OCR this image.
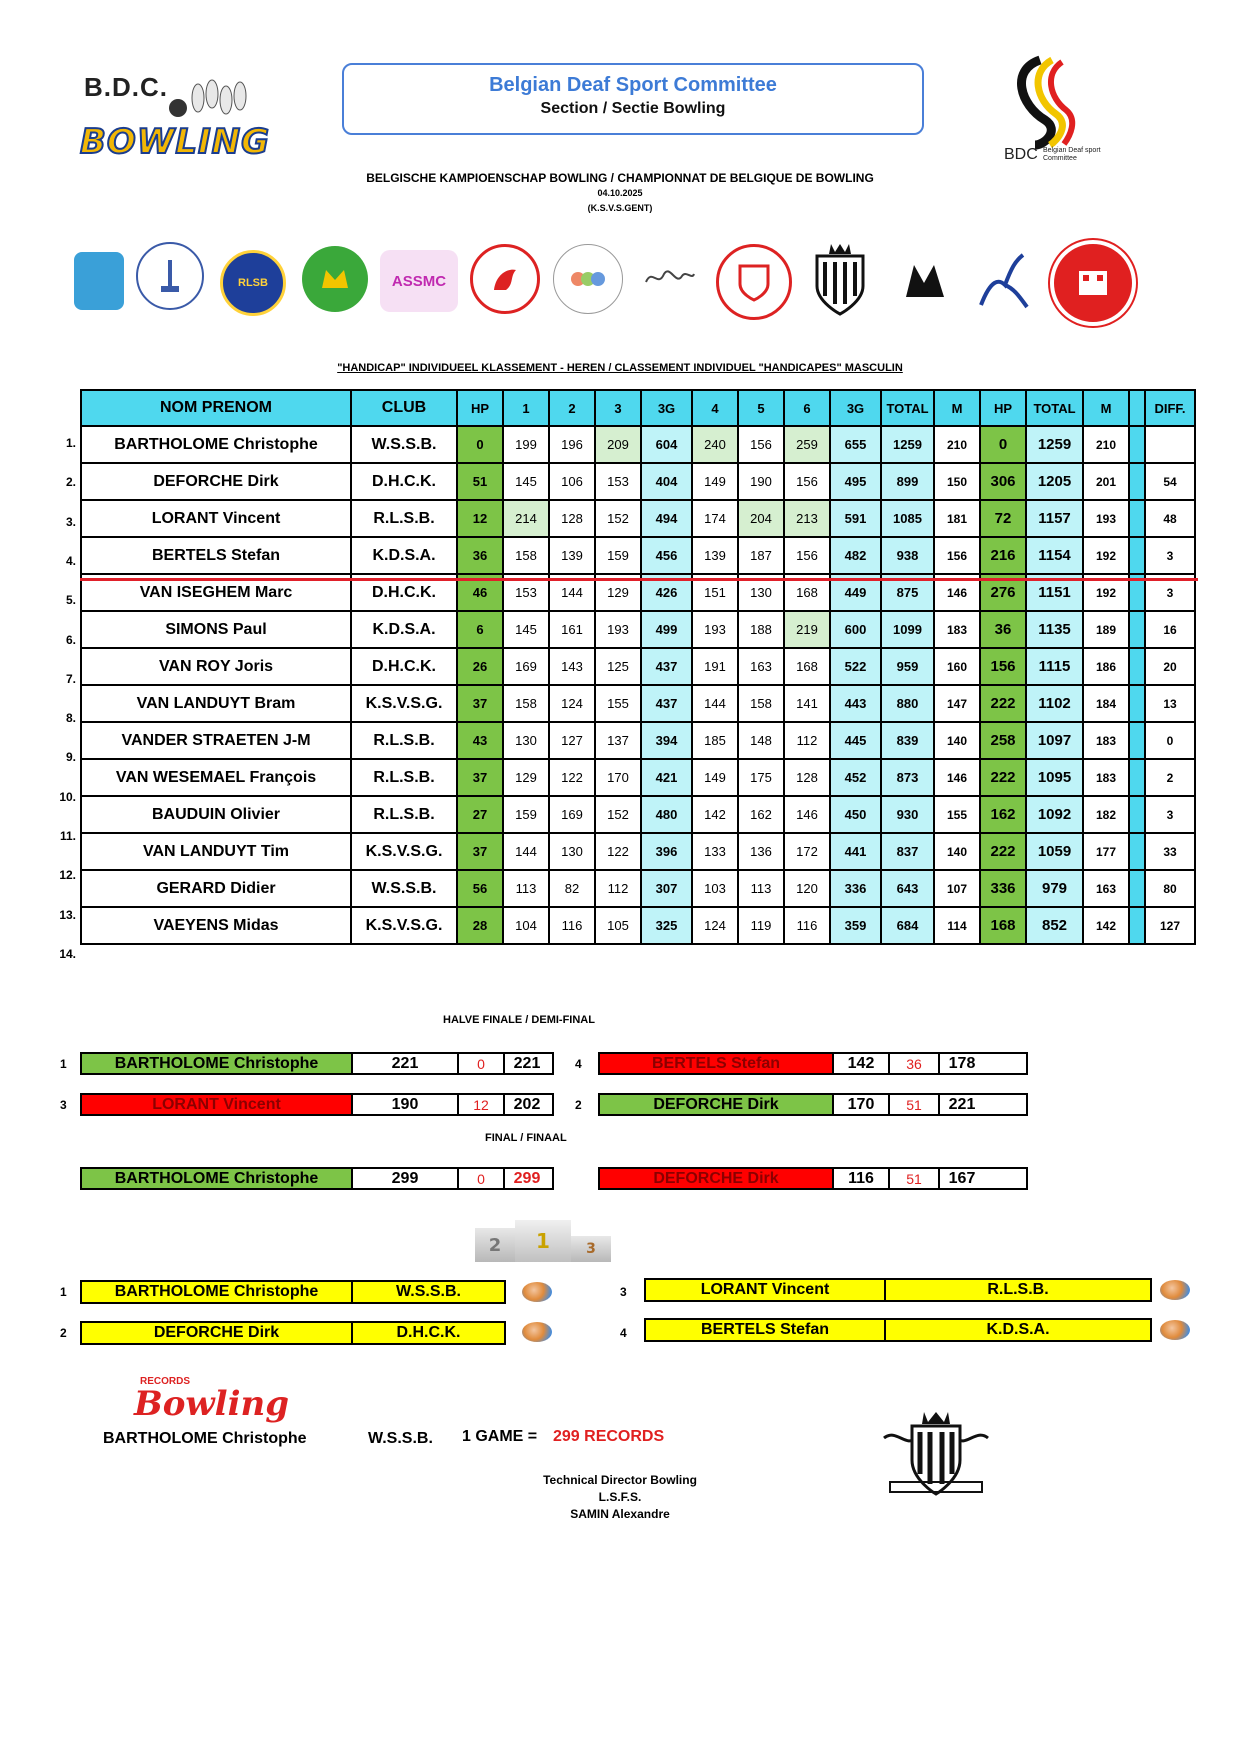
B.D.C.
BOWLING
Belgian Deaf Sport Committee
Section / Sectie Bowling
BDC Belgian Deaf sport Committee
BELGISCHE KAMPIOENSCHAP BOWLING / CHAMPIONNAT DE BELGIQUE DE BOWLING
04.10.2025
(K.S.V.S.GENT)
RLSB	ASSMC
"HANDICAP" INDIVIDUEEL KLASSEMENT - HEREN / CLASSEMENT INDIVIDUEL "HANDICAPES" MASCULIN
NOM PRENOM	CLUB	HP	1	2	3	3G	4	5	6	3G	TOTAL	M	HP	TOTAL	M		DIFF.
BARTHOLOME Christophe	W.S.S.B.	0	199	196	209	604	240	156	259	655	1259	210	0	1259	210		
DEFORCHE Dirk	D.H.C.K.	51	145	106	153	404	149	190	156	495	899	150	306	1205	201		54
LORANT Vincent	R.L.S.B.	12	214	128	152	494	174	204	213	591	1085	181	72	1157	193		48
BERTELS Stefan	K.D.S.A.	36	158	139	159	456	139	187	156	482	938	156	216	1154	192		3
VAN ISEGHEM Marc	D.H.C.K.	46	153	144	129	426	151	130	168	449	875	146	276	1151	192		3
SIMONS Paul	K.D.S.A.	6	145	161	193	499	193	188	219	600	1099	183	36	1135	189		16
VAN ROY Joris	D.H.C.K.	26	169	143	125	437	191	163	168	522	959	160	156	1115	186		20
VAN LANDUYT Bram	K.S.V.S.G.	37	158	124	155	437	144	158	141	443	880	147	222	1102	184		13
VANDER STRAETEN J-M	R.L.S.B.	43	130	127	137	394	185	148	112	445	839	140	258	1097	183		0
VAN WESEMAEL François	R.L.S.B.	37	129	122	170	421	149	175	128	452	873	146	222	1095	183		2
BAUDUIN Olivier	R.L.S.B.	27	159	169	152	480	142	162	146	450	930	155	162	1092	182		3
VAN LANDUYT Tim	K.S.V.S.G.	37	144	130	122	396	133	136	172	441	837	140	222	1059	177		33
GERARD Didier	W.S.S.B.	56	113	82	112	307	103	113	120	336	643	107	336	979	163		80
VAEYENS Midas	K.S.V.S.G.	28	104	116	105	325	124	119	116	359	684	114	168	852	142		127
1.
2.
3.
4.
5.
6.
7.
8.
9.
10.
11.
12.
13.
14.
HALVE FINALE / DEMI-FINAL
1	BARTHOLOME Christophe	221	0	221	4	BERTELS Stefan	142	36	178
3	LORANT Vincent	190	12	202	2	DEFORCHE Dirk	170	51	221
FINAL / FINAAL
BARTHOLOME Christophe	299	0	299	DEFORCHE Dirk	116	51	167
2	1	3
1	BARTHOLOME Christophe	W.S.S.B.
2	DEFORCHE Dirk	D.H.C.K.
3	LORANT Vincent	R.L.S.B.
4	BERTELS Stefan	K.D.S.A.
RECORDS
Bowling
BARTHOLOME Christophe	W.S.S.B. 1 GAME = 299 RECORDS
Technical Director Bowling
L.S.F.S.
SAMIN Alexandre
